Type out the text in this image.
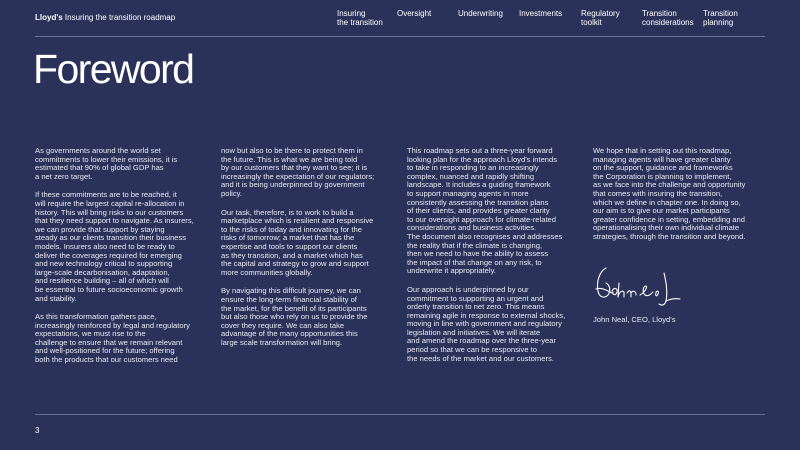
Lloyd's Insuring the transition roadmap	Insuring
the transition
Oversight	Underwriting Investments Regulatory
toolkit
Transition
considerations
Transition
planning
Foreword

As governments around the world set
commitments to lower their emissions, it is
estimated that 90% of global GDP has
a net zero target.

If these commitments are to be reached, it
will require the largest capital re-allocation in
history. This will bring risks to our customers
that they need support to navigate. As insurers,
we can provide that support by staying
steady as our clients transition their business
models. Insurers also need to be ready to
deliver the coverages required for emerging
and new technology critical to supporting
large-scale decarbonisation, adaptation,
and resilience building – all of which will
be essential to future socioeconomic growth
and stability.

As this transformation gathers pace,
increasingly reinforced by legal and regulatory
expectations, we must rise to the
challenge to ensure that we remain relevant
and well-positioned for the future; offering
both the products that our customers need

now but also to be there to protect them in
the future. This is what we are being told
by our customers that they want to see; it is
increasingly the expectation of our regulators;
and it is being underpinned by government
policy.

Our task, therefore, is to work to build a
marketplace which is resilient and responsive
to the risks of today and innovating for the
risks of tomorrow; a market that has the
expertise and tools to support our clients
as they transition, and a market which has
the capital and strategy to grow and support
more communities globally.

By navigating this difficult journey, we can
ensure the long-term financial stability of
the market, for the benefit of its participants
but also those who rely on us to provide the
cover they require. We can also take
advantage of the many opportunities this
large scale transformation will bring.

This roadmap sets out a three-year forward
looking plan for the approach Lloyd's intends
to take in responding to an increasingly
complex, nuanced and rapidly shifting
landscape. It includes a guiding framework
to support managing agents in more
consistently assessing the transition plans
of their clients, and provides greater clarity
to our oversight approach for climate-related
considerations and business activities.
The document also recognises and addresses
the reality that if the climate is changing,
then we need to have the ability to assess
the impact of that change on any risk, to
underwrite it appropriately.

Our approach is underpinned by our
commitment to supporting an urgent and
orderly transition to net zero. This means
remaining agile in response to external shocks,
moving in line with government and regulatory
legislation and initiatives. We will iterate
and amend the roadmap over the three-year
period so that we can be responsive to
the needs of the market and our customers.

We hope that in setting out this roadmap,
managing agents will have greater clarity
on the support, guidance and frameworks
the Corporation is planning to implement,
as we face into the challenge and opportunity
that comes with insuring the transition,
which we define in chapter one. In doing so,
our aim is to give our market participants
greater confidence in setting, embedding and
operationalising their own individual climate
strategies, through the transition and beyond.

John Neal, CEO, Lloyd's
3
